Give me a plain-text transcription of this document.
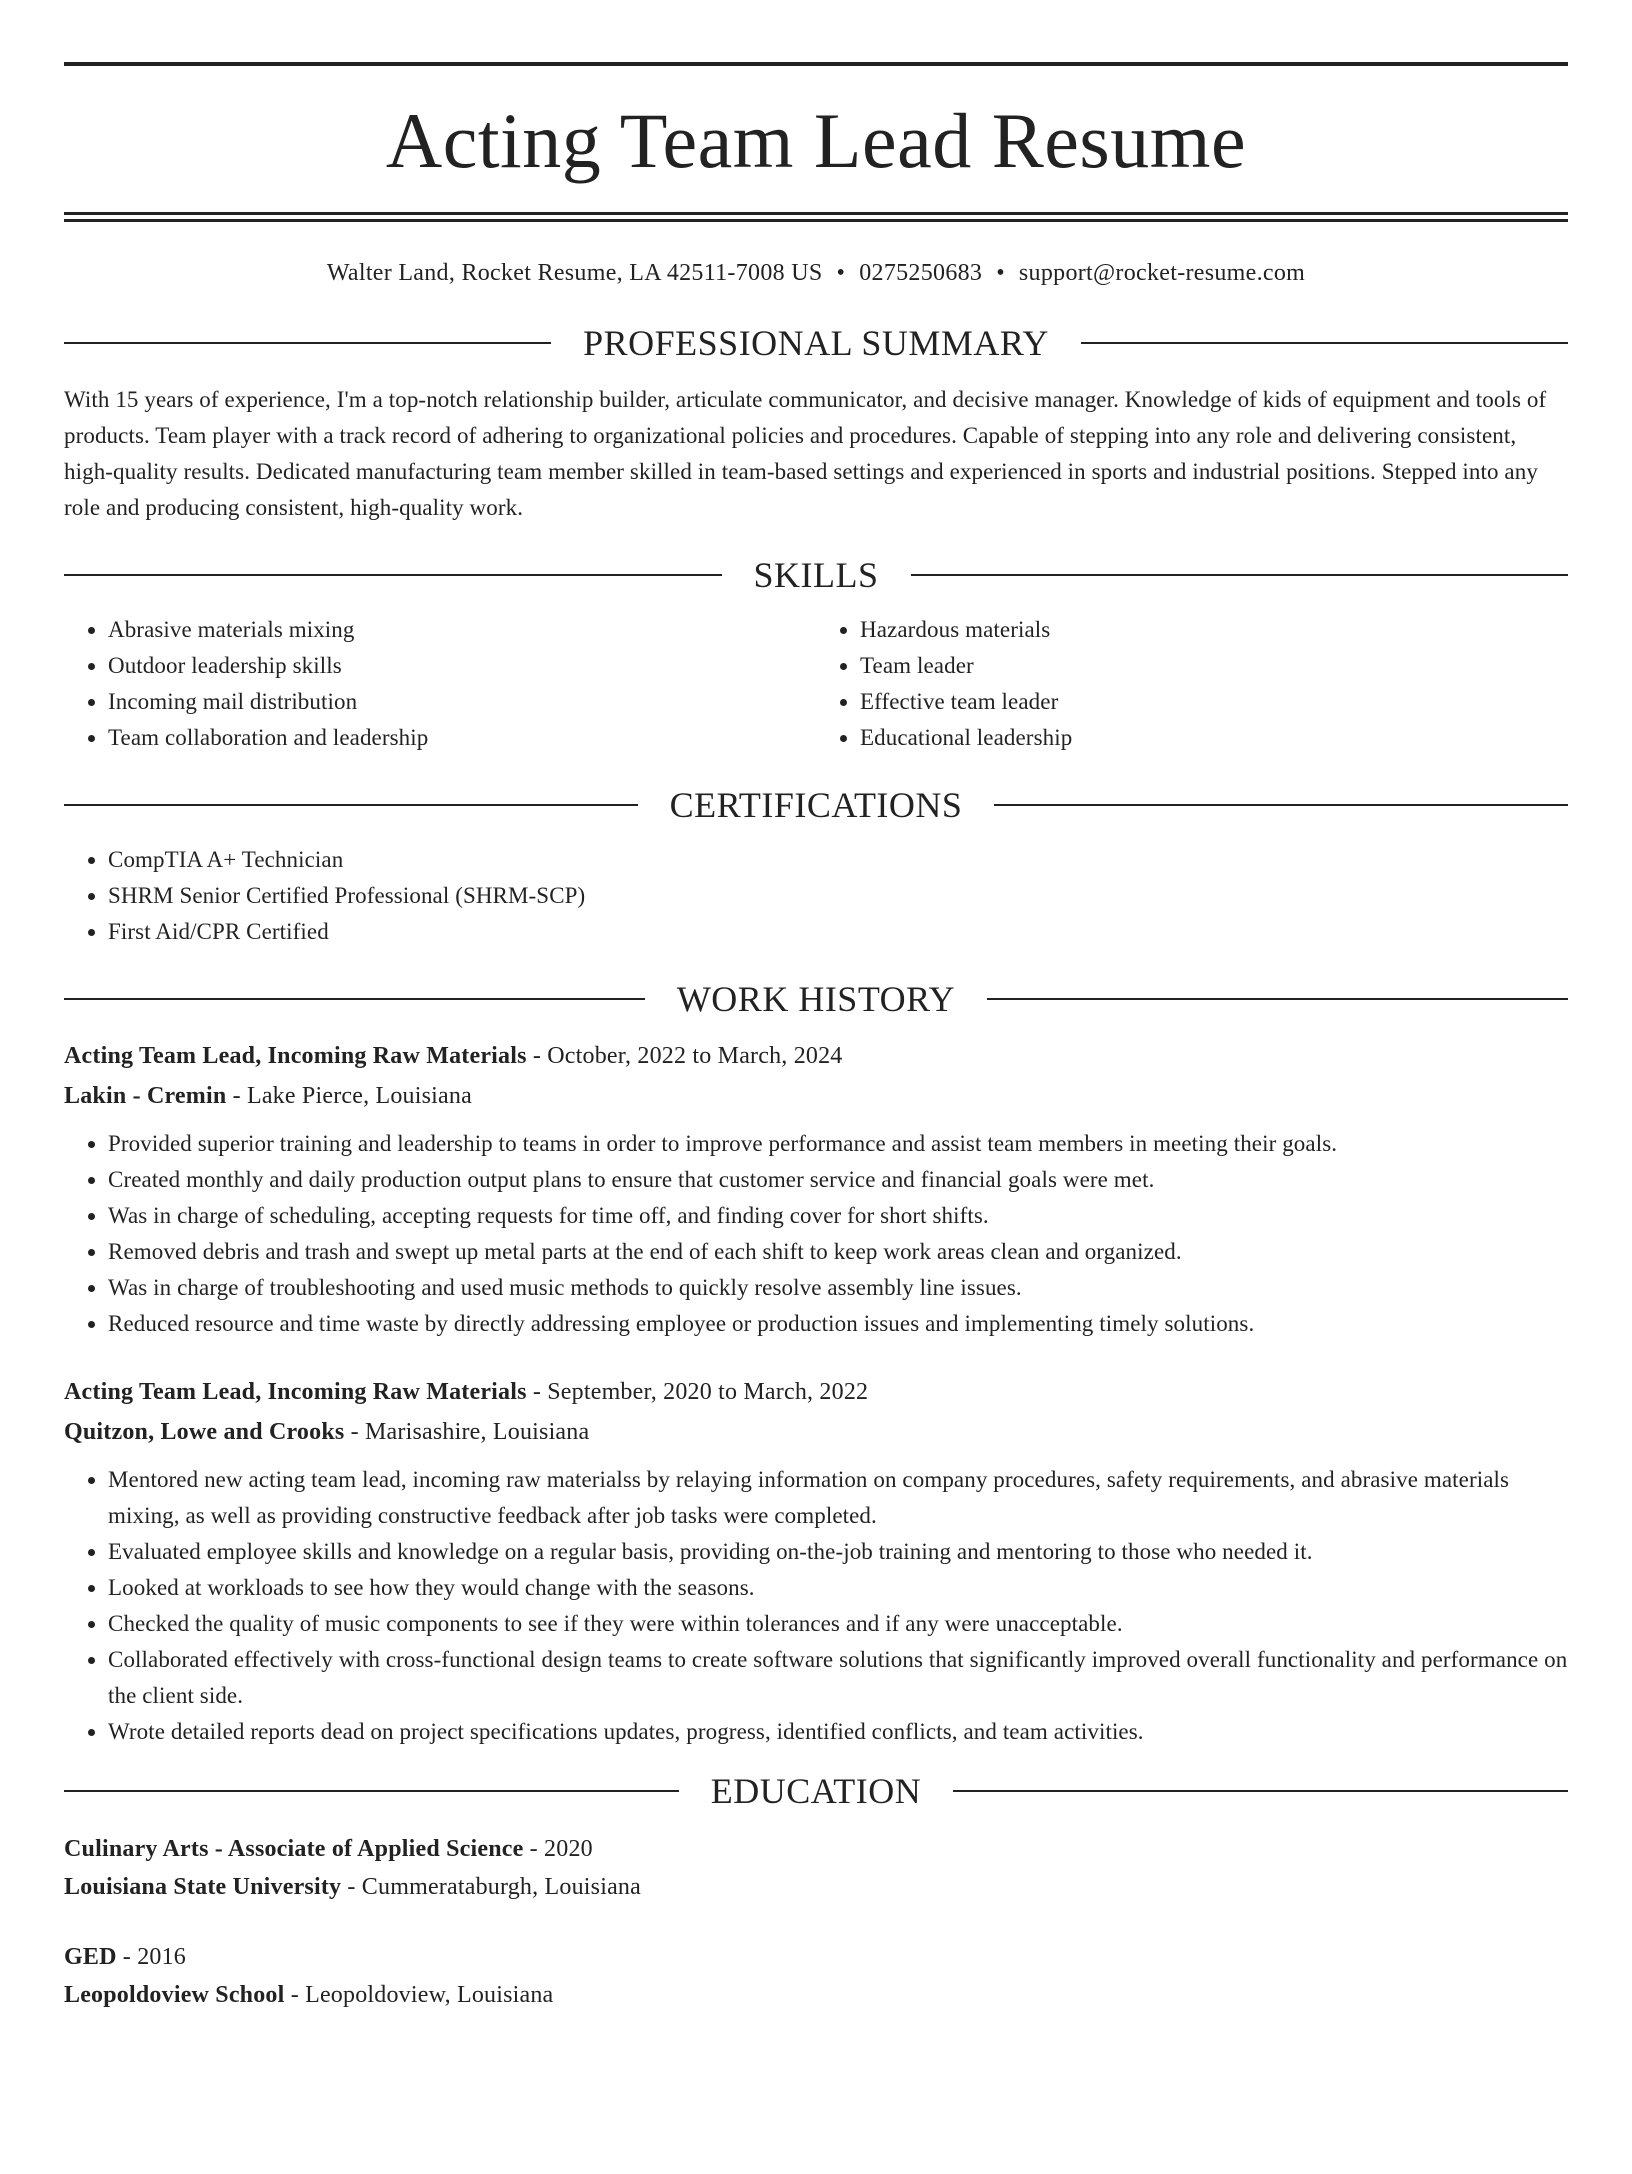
Acting Team Lead Resume
Walter Land, Rocket Resume, LA 42511-7008 US • 0275250683 • support@rocket-resume.com
PROFESSIONAL SUMMARY
With 15 years of experience, I'm a top-notch relationship builder, articulate communicator, and decisive manager. Knowledge of kids of equipment and tools of products. Team player with a track record of adhering to organizational policies and procedures. Capable of stepping into any role and delivering consistent, high-quality results. Dedicated manufacturing team member skilled in team-based settings and experienced in sports and industrial positions. Stepped into any role and producing consistent, high-quality work.
SKILLS
• Abrasive materials mixing
• Outdoor leadership skills
• Incoming mail distribution
• Team collaboration and leadership
• Hazardous materials
• Team leader
• Effective team leader
• Educational leadership
CERTIFICATIONS
• CompTIA A+ Technician
• SHRM Senior Certified Professional (SHRM-SCP)
• First Aid/CPR Certified
WORK HISTORY
Acting Team Lead, Incoming Raw Materials - October, 2022 to March, 2024
Lakin - Cremin - Lake Pierce, Louisiana
• Provided superior training and leadership to teams in order to improve performance and assist team members in meeting their goals.
• Created monthly and daily production output plans to ensure that customer service and financial goals were met.
• Was in charge of scheduling, accepting requests for time off, and finding cover for short shifts.
• Removed debris and trash and swept up metal parts at the end of each shift to keep work areas clean and organized.
• Was in charge of troubleshooting and used music methods to quickly resolve assembly line issues.
• Reduced resource and time waste by directly addressing employee or production issues and implementing timely solutions.
Acting Team Lead, Incoming Raw Materials - September, 2020 to March, 2022
Quitzon, Lowe and Crooks - Marisashire, Louisiana
• Mentored new acting team lead, incoming raw materialss by relaying information on company procedures, safety requirements, and abrasive materials mixing, as well as providing constructive feedback after job tasks were completed.
• Evaluated employee skills and knowledge on a regular basis, providing on-the-job training and mentoring to those who needed it.
• Looked at workloads to see how they would change with the seasons.
• Checked the quality of music components to see if they were within tolerances and if any were unacceptable.
• Collaborated effectively with cross-functional design teams to create software solutions that significantly improved overall functionality and performance on the client side.
• Wrote detailed reports dead on project specifications updates, progress, identified conflicts, and team activities.
EDUCATION
Culinary Arts - Associate of Applied Science - 2020
Louisiana State University - Cummerataburgh, Louisiana
GED - 2016
Leopoldoview School - Leopoldoview, Louisiana
